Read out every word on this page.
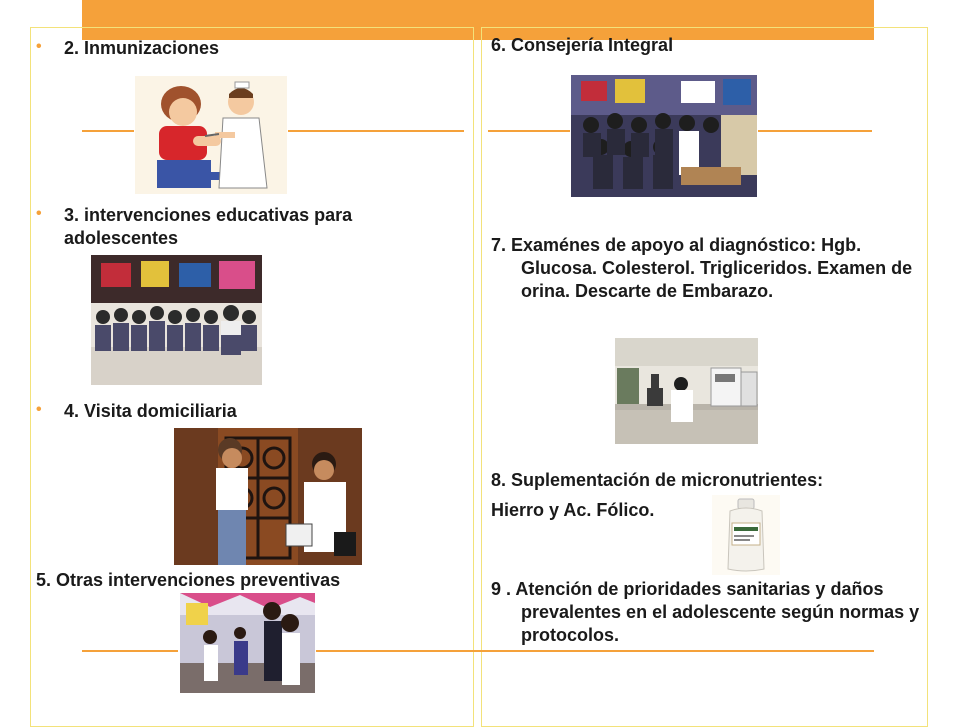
• 2. Inmunizaciones
• 3. intervenciones educativas para adolescentes
• 4. Visita domiciliaria
5. Otras intervenciones preventivas
6. Consejería Integral
7. Examénes de apoyo al diagnóstico: Hgb. Glucosa. Colesterol. Trigliceridos. Examen de orina. Descarte de Embarazo.
8. Suplementación de micronutrientes:
Hierro y Ac. Fólico.
9 . Atención de prioridades sanitarias y daños prevalentes en el adolescente según normas y protocolos.
